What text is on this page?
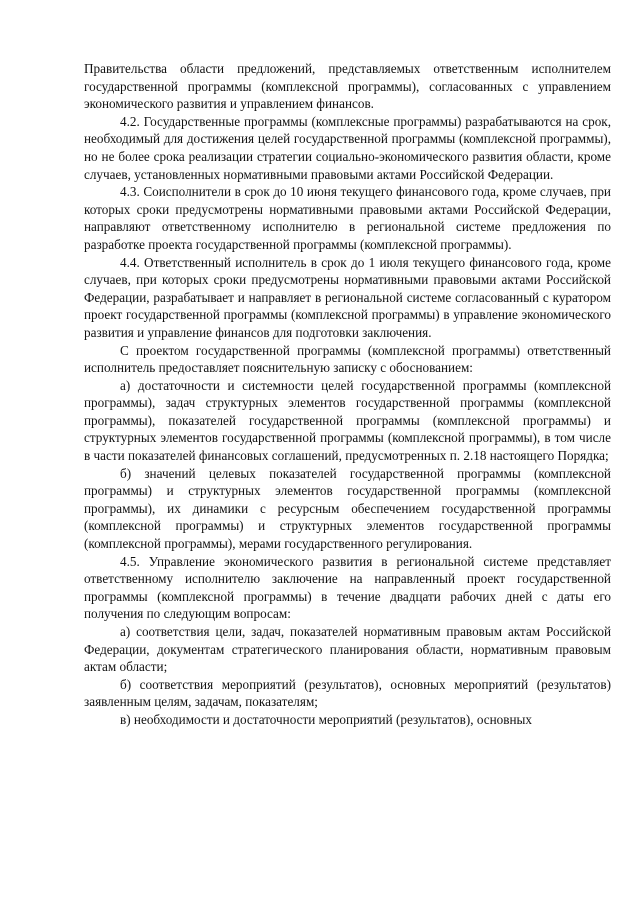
Правительства области предложений, представляемых ответственным исполнителем государственной программы (комплексной программы), согласованных с управлением экономического развития и управлением финансов.

4.2. Государственные программы (комплексные программы) разрабатываются на срок, необходимый для достижения целей государственной программы (комплексной программы), но не более срока реализации стратегии социально-экономического развития области, кроме случаев, установленных нормативными правовыми актами Российской Федерации.

4.3. Соисполнители в срок до 10 июня текущего финансового года, кроме случаев, при которых сроки предусмотрены нормативными правовыми актами Российской Федерации, направляют ответственному исполнителю в региональной системе предложения по разработке проекта государственной программы (комплексной программы).

4.4. Ответственный исполнитель в срок до 1 июля текущего финансового года, кроме случаев, при которых сроки предусмотрены нормативными правовыми актами Российской Федерации, разрабатывает и направляет в региональной системе согласованный с куратором проект государственной программы (комплексной программы) в управление экономического развития и управление финансов для подготовки заключения.

С проектом государственной программы (комплексной программы) ответственный исполнитель предоставляет пояснительную записку с обоснованием:

а) достаточности и системности целей государственной программы (комплексной программы), задач структурных элементов государственной программы (комплексной программы), показателей государственной программы (комплексной программы) и структурных элементов государственной программы (комплексной программы), в том числе в части показателей финансовых соглашений, предусмотренных п. 2.18 настоящего Порядка;

б) значений целевых показателей государственной программы (комплексной программы) и структурных элементов государственной программы (комплексной программы), их динамики с ресурсным обеспечением государственной программы (комплексной программы) и структурных элементов государственной программы (комплексной программы), мерами государственного регулирования.

4.5. Управление экономического развития в региональной системе представляет ответственному исполнителю заключение на направленный проект государственной программы (комплексной программы) в течение двадцати рабочих дней с даты его получения по следующим вопросам:

а) соответствия цели, задач, показателей нормативным правовым актам Российской Федерации, документам стратегического планирования области, нормативным правовым актам области;

б) соответствия мероприятий (результатов), основных мероприятий (результатов) заявленным целям, задачам, показателям;

в) необходимости и достаточности мероприятий (результатов), основных
